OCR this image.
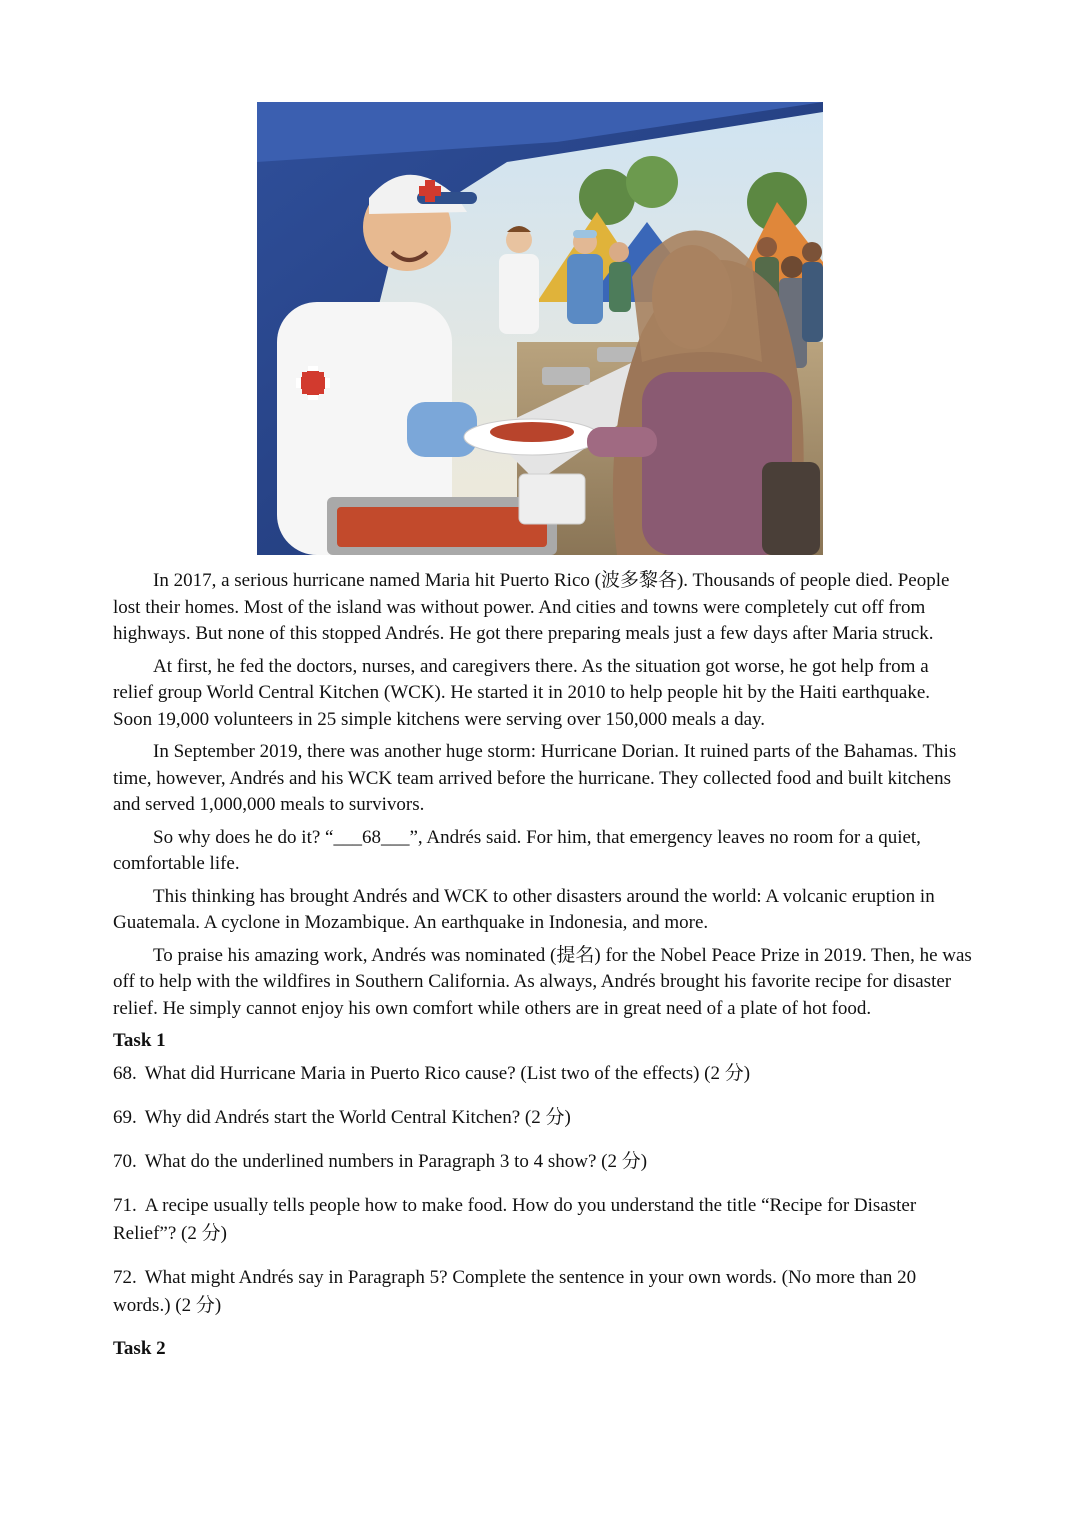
In 2017, a serious hurricane named Maria hit Puerto Rico (波多黎各). Thousands of people died. People lost their homes. Most of the island was without power. And cities and towns were completely cut off from highways. But none of this stopped Andrés. He got there preparing meals just a few days after Maria struck.

At first, he fed the doctors, nurses, and caregivers there. As the situation got worse, he got help from a relief group World Central Kitchen (WCK). He started it in 2010 to help people hit by the Haiti earthquake. Soon 19,000 volunteers in 25 simple kitchens were serving over 150,000 meals a day.

In September 2019, there was another huge storm: Hurricane Dorian. It ruined parts of the Bahamas. This time, however, Andrés and his WCK team arrived before the hurricane. They collected food and built kitchens and served 1,000,000 meals to survivors.

So why does he do it? “___68___”, Andrés said. For him, that emergency leaves no room for a quiet, comfortable life.

This thinking has brought Andrés and WCK to other disasters around the world: A volcanic eruption in Guatemala. A cyclone in Mozambique. An earthquake in Indonesia, and more.

To praise his amazing work, Andrés was nominated (提名) for the Nobel Peace Prize in 2019. Then, he was off to help with the wildfires in Southern California. As always, Andrés brought his favorite recipe for disaster relief. He simply cannot enjoy his own comfort while others are in great need of a plate of hot food.

Task 1

68. What did Hurricane Maria in Puerto Rico cause? (List two of the effects) (2 分)

69. Why did Andrés start the World Central Kitchen? (2 分)

70. What do the underlined numbers in Paragraph 3 to 4 show? (2 分)

71. A recipe usually tells people how to make food. How do you understand the title “Recipe for Disaster Relief”? (2 分)

72. What might Andrés say in Paragraph 5? Complete the sentence in your own words. (No more than 20 words.) (2 分)

Task 2
